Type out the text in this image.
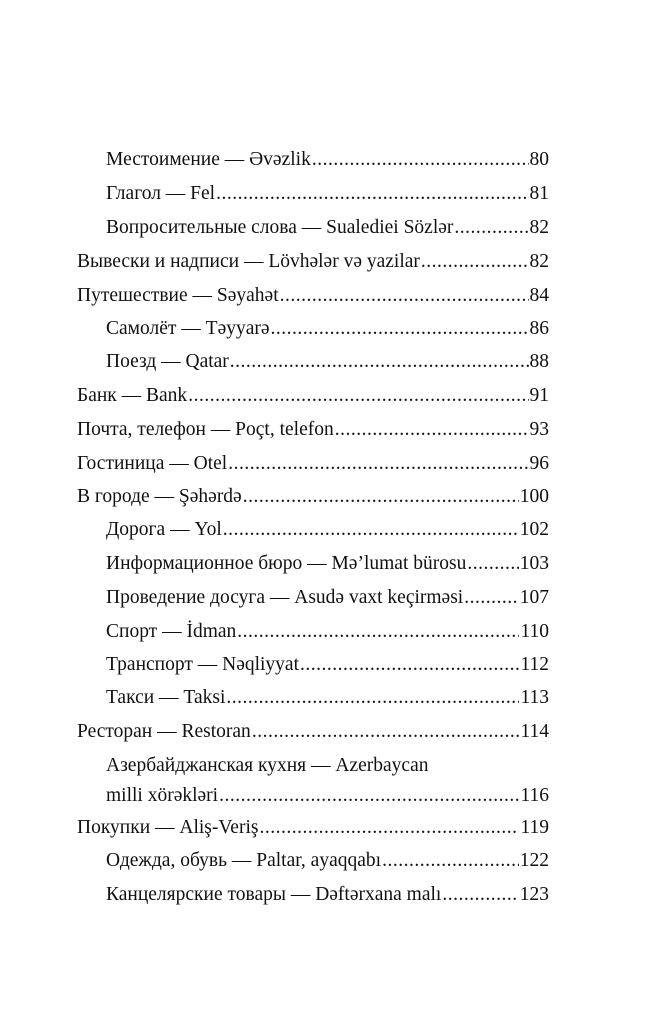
Местоимение — Əvəzlik .....	80
Глагол — Fel .....	81
Вопросительные слова — Sualediei Sözlər .....	82
Вывески и надписи — Lövhələr və yazilar .....	82
Путешествие — Səyahət .....	84
Самолёт — Təyyarə .....	86
Поезд — Qatar .....	88
Банк — Bank .....	91
Почта, телефон — Poçt, telefon .....	93
Гостиница — Otel .....	96
В городе — Şəhərdə .....	100
Дорога — Yol .....	102
Информационное бюро — Mə’lumat bürosu .....	103
Проведение досуга — Asudə vaxt keçirməsi .....	107
Спорт — İdman .....	110
Транспорт — Nəqliyyat .....	112
Такси — Taksi .....	113
Ресторан — Restoran .....	114
Азербайджанская кухня — Azerbaycan
milli xörəkləri .....	116
Покупки — Aliş-Veriş .....	119
Одежда, обувь — Paltar, ayaqqabı .....	122
Канцелярские товары — Dəftərxana malı .....	123
